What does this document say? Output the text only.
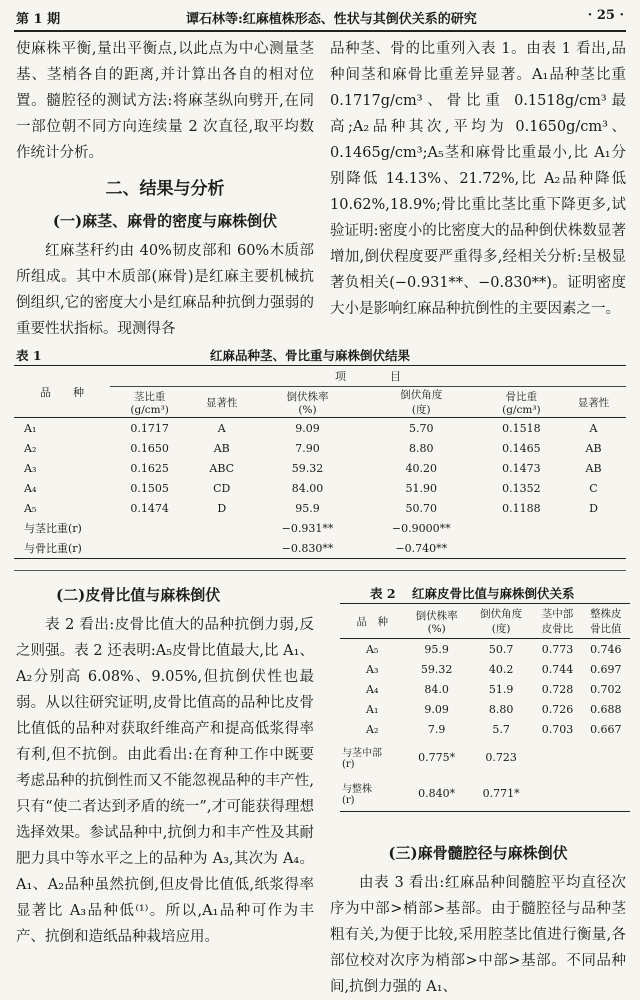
第 1 期	谭石林等:红麻植株形态、性状与其倒伏关系的研究	· 25 ·

使麻株平衡,量出平衡点,以此点为中心测量茎基、茎梢各自的距离,并计算出各自的相对位置。髓腔径的测试方法:将麻茎纵向劈开,在同一部位朝不同方向连续量 2 次直径,取平均数作统计分析。

二、结果与分析

(一)麻茎、麻骨的密度与麻株倒伏

红麻茎秆约由 40%韧皮部和 60%木质部所组成。其中木质部(麻骨)是红麻主要机械抗倒组织,它的密度大小是红麻品种抗倒力强弱的重要性状指标。现测得各

品种茎、骨的比重列入表 1。由表 1 看出,品种间茎和麻骨比重差异显著。A₁品种茎比重 0.1717g/cm³、骨比重 0.1518g/cm³最高;A₂品种其次,平均为 0.1650g/cm³、0.1465g/cm³;A₅茎和麻骨比重最小,比 A₁分别降低 14.13%、21.72%,比 A₂品种降低 10.62%,18.9%;骨比重比茎比重下降更多,试验证明:密度小的比密度大的品种倒伏株数显著增加,倒伏程度要严重得多,经相关分析:呈极显著负相关(−0.931**、−0.830**)。证明密度大小是影响红麻品种抗倒性的主要因素之一。

表 1	红麻品种茎、骨比重与麻株倒伏结果
品　　种	项　　　　目					
	茎比重
(g/cm³)	显著性	倒伏株率
(%)	倒伏角度
(度)	骨比重
(g/cm³)	显著性
A₁	0.1717	A	9.09	5.70	0.1518	A
A₂	0.1650	AB	7.90	8.80	0.1465	AB
A₃	0.1625	ABC	59.32	40.20	0.1473	AB
A₄	0.1505	CD	84.00	51.90	0.1352	C
A₅	0.1474	D	95.9	50.70	0.1188	D
与茎比重(r)			−0.931**	−0.9000**		
与骨比重(r)			−0.830**	−0.740**		

(二)皮骨比值与麻株倒伏

表 2 看出:皮骨比值大的品种抗倒力弱,反之则强。表 2 还表明:A₅皮骨比值最大,比 A₁、A₂分别高 6.08%、9.05%,但抗倒伏性也最弱。从以往研究证明,皮骨比值高的品种比皮骨比值低的品种对获取纤维高产和提高低浆得率有利,但不抗倒。由此看出:在育种工作中既要考虑品种的抗倒性而又不能忽视品种的丰产性,只有“使二者达到矛盾的统一”,才可能获得理想选择效果。参试品种中,抗倒力和丰产性及其耐肥力具中等水平之上的品种为 A₃,其次为 A₄。A₁、A₂品种虽然抗倒,但皮骨比值低,纸浆得率显著比 A₃品种低⁽¹⁾。所以,A₁品种可作为丰产、抗倒和造纸品种栽培应用。

表 2 红麻皮骨比值与麻株倒伏关系
品　种	倒伏株率
(%)	倒伏角度
(度)	茎中部
皮骨比	整株皮
骨比值
A₅	95.9	50.7	0.773	0.746
A₃	59.32	40.2	0.744	0.697
A₄	84.0	51.9	0.728	0.702
A₁	9.09	8.80	0.726	0.688
A₂	7.9	5.7	0.703	0.667
与茎中部
(r)	0.775*	0.723		
与整株
(r)	0.840*	0.771*		

(三)麻骨髓腔径与麻株倒伏

由表 3 看出:红麻品种间髓腔平均直径次序为中部>梢部>基部。由于髓腔径与品种茎粗有关,为便于比较,采用腔茎比值进行衡量,各部位校对次序为梢部>中部>基部。不同品种间,抗倒力强的 A₁、
